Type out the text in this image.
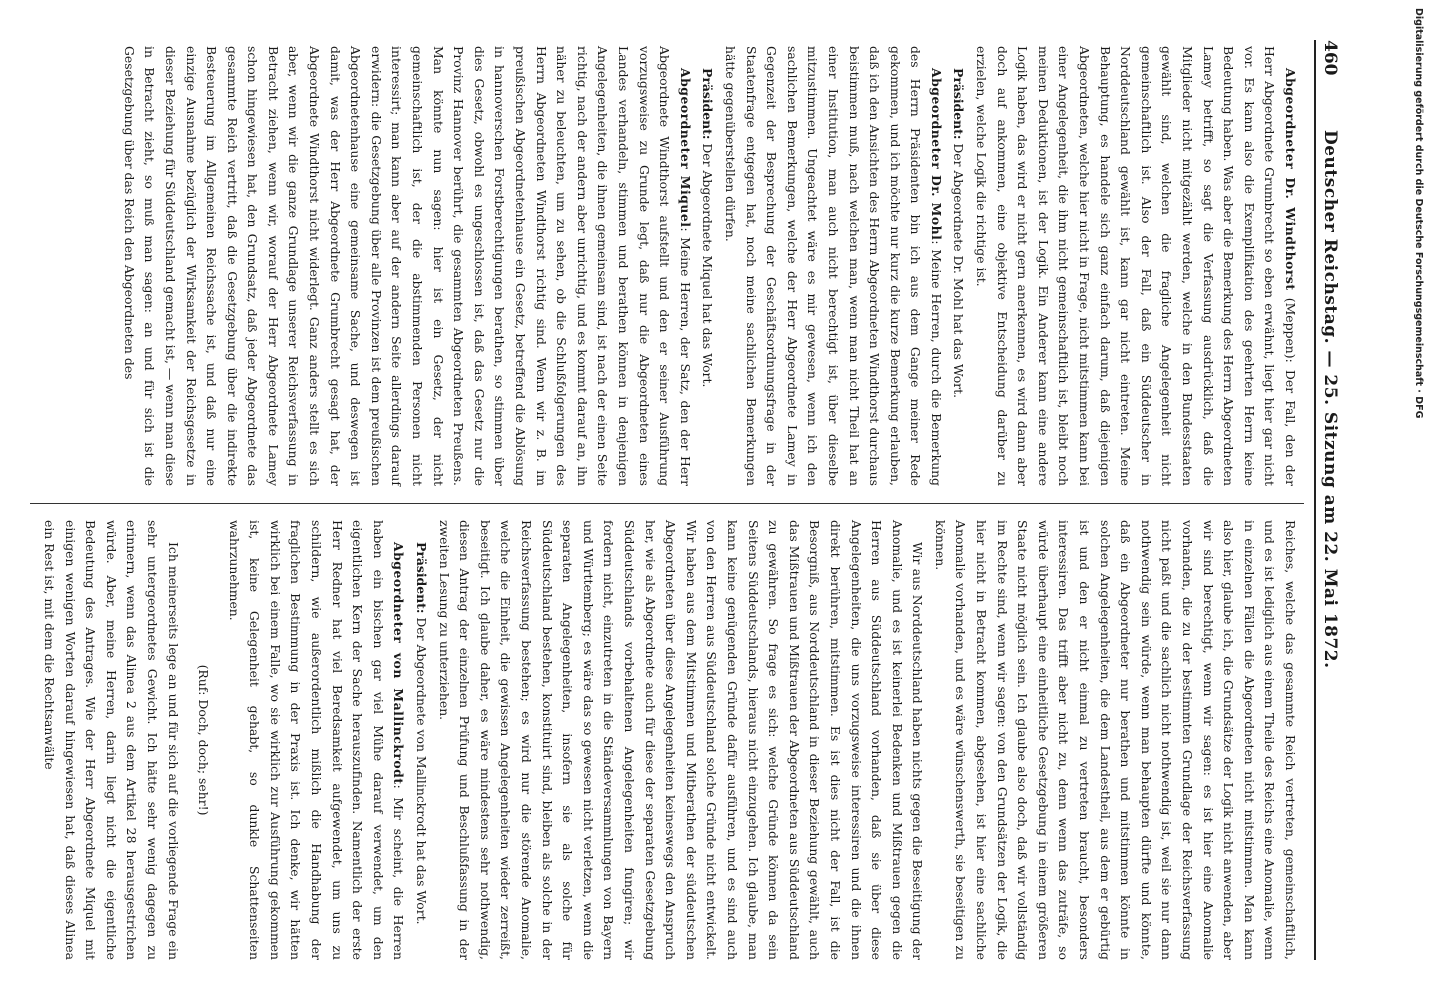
460
Deutscher Reichstag. — 25. Sitzung am 22. Mai 1872.

Abgeordneter Dr. Windthorst (Meppen): Der Fall, den der Herr Abgeordnete Grumbrecht so eben erwähnt, liegt hier gar nicht vor. Es kann also die Exemplifikation des geehrten Herrn keine Bedeutung haben. Was aber die Bemerkung des Herrn Abgeordneten Lamey betrifft, so sagt die Verfassung ausdrücklich, daß die Mitglieder nicht mitgezählt werden, welche in den Bundesstaaten gewählt sind, welchen die fragliche Angelegenheit nicht gemeinschaftlich ist. Also der Fall, daß ein Süddeutscher in Norddeutschland gewählt ist, kann gar nicht eintreten. Meine Behauptung, es handele sich ganz einfach darum, daß diejenigen Abgeordneten, welche hier nicht in Frage, nicht mitstimmen kann bei einer Angelegenheit, die ihm nicht gemeinschaftlich ist, bleibt noch meinen Deduktionen, ist der Logik. Ein Anderer kann eine andere Logik haben, das wird er nicht gern anerkennen, es wird dann aber doch auf ankommen, eine objektive Entscheidung darüber zu erzielen, welche Logik die richtige ist.

Präsident: Der Abgeordnete Dr. Mohl hat das Wort.

Abgeordneter Dr. Mohl: Meine Herren, durch die Bemerkung des Herrn Präsidenten bin ich aus dem Gange meiner Rede gekommen, und ich möchte nur kurz die kurze Bemerkung erlauben, daß ich den Ansichten des Herrn Abgeordneten Windthorst durchaus beistimmen muß, nach welchen man, wenn man nicht Theil hat an einer Institution, man auch nicht berechtigt ist, über dieselbe mitzustimmen. Ungeachtet wäre es mir gewesen, wenn ich den sachlichen Bemerkungen, welche der Herr Abgeordnete Lamey in Gegenzeit der Besprechung der Geschäftsordnungsfrage in der Staatenfrage entgegen hat, noch meine sachlichen Bemerkungen hätte gegenüberstellen dürfen.

Präsident: Der Abgeordnete Miquel hat das Wort.

Abgeordneter Miquel: Meine Herren, der Satz, den der Herr Abgeordnete Windthorst aufstellt und den er seiner Ausführung vorzugsweise zu Grunde legt, daß nur die Abgeordneten eines Landes verhandeln, stimmen und berathen können in denjenigen Angelegenheiten, die ihnen gemeinsam sind, ist nach der einen Seite richtig, nach der andern aber unrichtig, und es kommt darauf an, ihn näher zu beleuchten, um zu sehen, ob die Schlußfolgerungen des Herrn Abgeordneten Windthorst richtig sind. Wenn wir z. B. im preußischen Abgeordnetenhause ein Gesetz, betreffend die Ablösung in hannoverschen Forstberechtigungen berathen, so stimmen über dies Gesetz, obwohl es ungeschlossen ist, daß das Gesetz nur die Provinz Hannover berührt, die gesammten Abgeordneten Preußens. Man könnte nun sagen: hier ist ein Gesetz, der nicht gemeinschaftlich ist, der die abstimmenden Personen nicht interessirt; man kann aber auf der andern Seite allerdings darauf erwidern: die Gesetzgebung über alle Provinzen ist dem preußischen Abgeordnetenhause eine gemeinsame Sache, und deswegen ist damit, was der Herr Abgeordnete Grumbrecht gesagt hat, der Abgeordnete Windthorst nicht widerlegt. Ganz anders stellt es sich aber, wenn wir die ganze Grundlage unserer Reichsverfassung in Betracht ziehen, wenn wir, worauf der Herr Abgeordnete Lamey schon hingewiesen hat, den Grundsatz, daß jeder Abgeordnete das gesammte Reich vertritt, daß die Gesetzgebung über die indirekte Besteuerung im Allgemeinen Reichssache ist, und daß nur eine einzige Ausnahme bezüglich der Wirksamkeit der Reichsgesetze in dieser Beziehung für Süddeutschland gemacht ist, — wenn man diese in Betracht zieht, so muß man sagen: an und für sich ist die Gesetzgebung über das Reich den Abgeordneten des

Reiches, welche das gesammte Reich vertreten, gemeinschaftlich, und es ist lediglich aus einem Theile des Reichs eine Anomalie, wenn in einzelnen Fällen die Abgeordneten nicht mitstimmen. Man kann also hier, glaube ich, die Grundsätze der Logik nicht anwenden, aber wir sind berechtigt, wenn wir sagen: es ist hier eine Anomalie vorhanden, die zu der bestimmten Grundlage der Reichsverfassung nicht paßt und die sachlich nicht nothwendig ist, weil sie nur dann nothwendig sein würde, wenn man behaupten dürfte und könnte, daß ein Abgeordneter nur berathen und mitstimmen könnte in solchen Angelegenheiten, die dem Landestheil, aus dem er gebürtig ist und den er nicht einmal zu vertreten braucht, besonders interessiren. Das trifft aber nicht zu, denn wenn das zuträfe, so würde überhaupt eine einheitliche Gesetzgebung in einem größeren Staate nicht möglich sein. Ich glaube also doch, daß wir vollständig im Rechte sind, wenn wir sagen: von den Grundsätzen der Logik, die hier nicht in Betracht kommen, abgesehen, ist hier eine sachliche Anomalie vorhanden, und es wäre wünschenswerth, sie beseitigen zu können.

Wir aus Norddeutschland haben nichts gegen die Beseitigung der Anomalie, und es ist keinerlei Bedenken und Mißtrauen gegen die Herren aus Süddeutschland vorhanden, daß sie über diese Angelegenheiten, die uns vorzugsweise interessiren und die ihnen direkt berühren, mitstimmen. Es ist dies nicht der Fall, ist die Besorgniß, aus Norddeutschland in dieser Beziehung gewählt, auch das Mißtrauen und Mißtrauen der Abgeordneten aus Süddeutschland zu gewähren. So frage es sich: welche Gründe können da sein Seitens Süddeutschlands, hieraus nicht einzugehen. Ich glaube, man kann keine genügenden Gründe dafür ausführen, und es sind auch von den Herren aus Süddeutschland solche Gründe nicht entwickelt. Wir haben aus dem Mitstimmen und Mitberathen der süddeutschen Abgeordneten über diese Angelegenheiten keineswegs den Anspruch her, wie als Abgeordnete auch für diese der separaten Gesetzgebung Süddeutschlands vorbehaltenen Angelegenheiten fungiren; wir fordern nicht, einzutreten in die Ständeversammlungen von Bayern und Württemberg; es wäre das so gewesen nicht verletzen, wenn die separaten Angelegenheiten, insofern sie als solche für Süddeutschland bestehen, konstituirt sind, bleiben als solche in der Reichsverfassung bestehen; es wird nur die störende Anomalie, welche die Einheit, die gewissen Angelegenheiten wieder zerreißt, beseitigt. Ich glaube daher, es wäre mindestens sehr nothwendig, diesen Antrag der einzelnen Prüfung und Beschlußfassung in der zweiten Lesung zu unterziehen.

Präsident: Der Abgeordnete von Mallinckrodt hat das Wort.

Abgeordneter von Mallinckrodt: Mir scheint, die Herren haben ein bischen gar viel Mühe darauf verwendet, um den eigentlichen Kern der Sache herauszufinden. Namentlich der erste Herr Redner hat viel Beredsamkeit aufgewendet, um uns zu schildern, wie außerordentlich mißlich die Handhabung der fraglichen Bestimmung in der Praxis ist. Ich denke, wir hätten wirklich bei einem Falle, wo sie wirklich zur Ausführung gekommen ist, keine Gelegenheit gehabt, so dunkle Schattenseiten wahrzunehmen.

(Ruf: Doch, doch; sehr!)

Ich meinerseits lege an und für sich auf die vorliegende Frage ein sehr untergeordnetes Gewicht. Ich hätte sehr wenig dagegen zu erinnern, wenn das Alinea 2 aus dem Artikel 28 herausgestrichen würde. Aber, meine Herren, darin liegt nicht die eigentliche Bedeutung des Antrages. Wie der Herr Abgeordnete Miquel mit einigen wenigen Worten darauf hingewiesen hat, daß dieses Alinea ein Rest ist, mit dem die Rechtsanwälte

Digitalisierung gefördert durch die Deutsche Forschungsgemeinschaft · DFG
